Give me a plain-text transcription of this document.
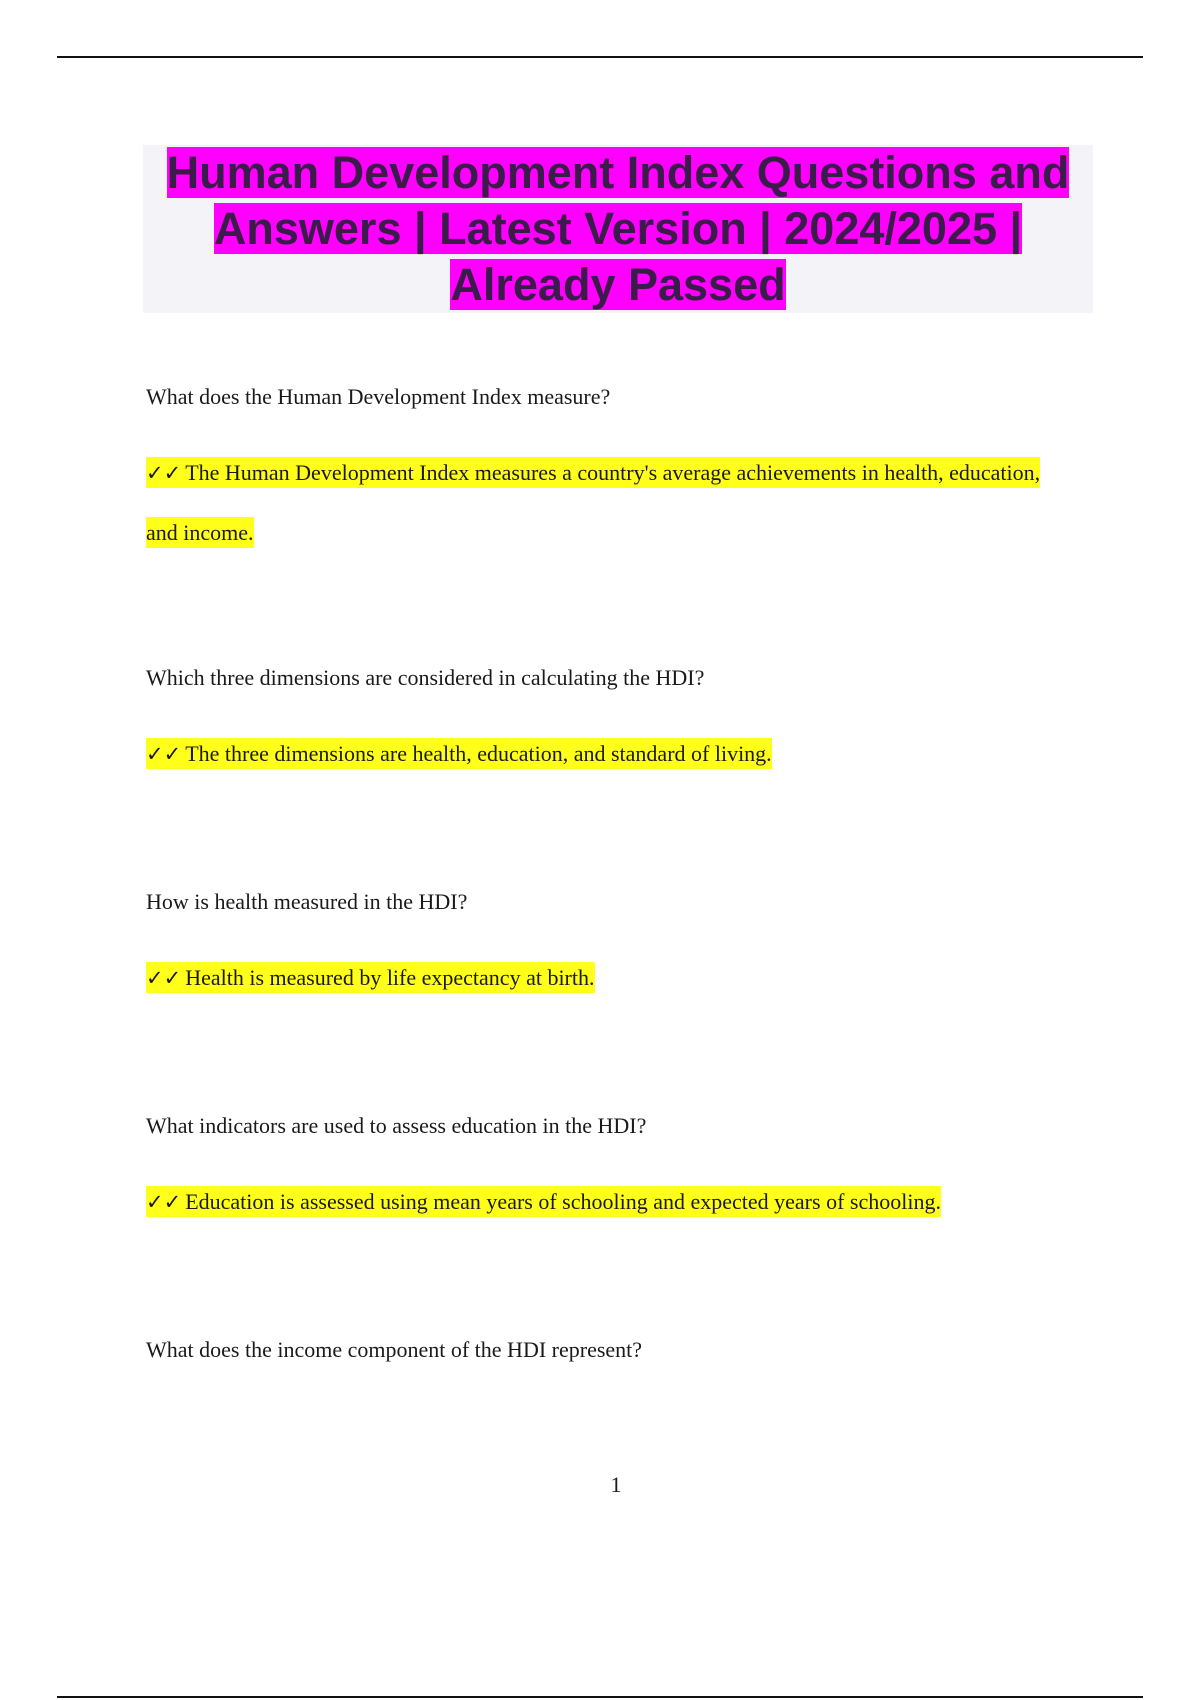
Human Development Index Questions and Answers | Latest Version | 2024/2025 | Already Passed

What does the Human Development Index measure?

✓✓ The Human Development Index measures a country's average achievements in health, education, and income.

Which three dimensions are considered in calculating the HDI?

✓✓ The three dimensions are health, education, and standard of living.

How is health measured in the HDI?

✓✓ Health is measured by life expectancy at birth.

What indicators are used to assess education in the HDI?

✓✓ Education is assessed using mean years of schooling and expected years of schooling.

What does the income component of the HDI represent?

1
